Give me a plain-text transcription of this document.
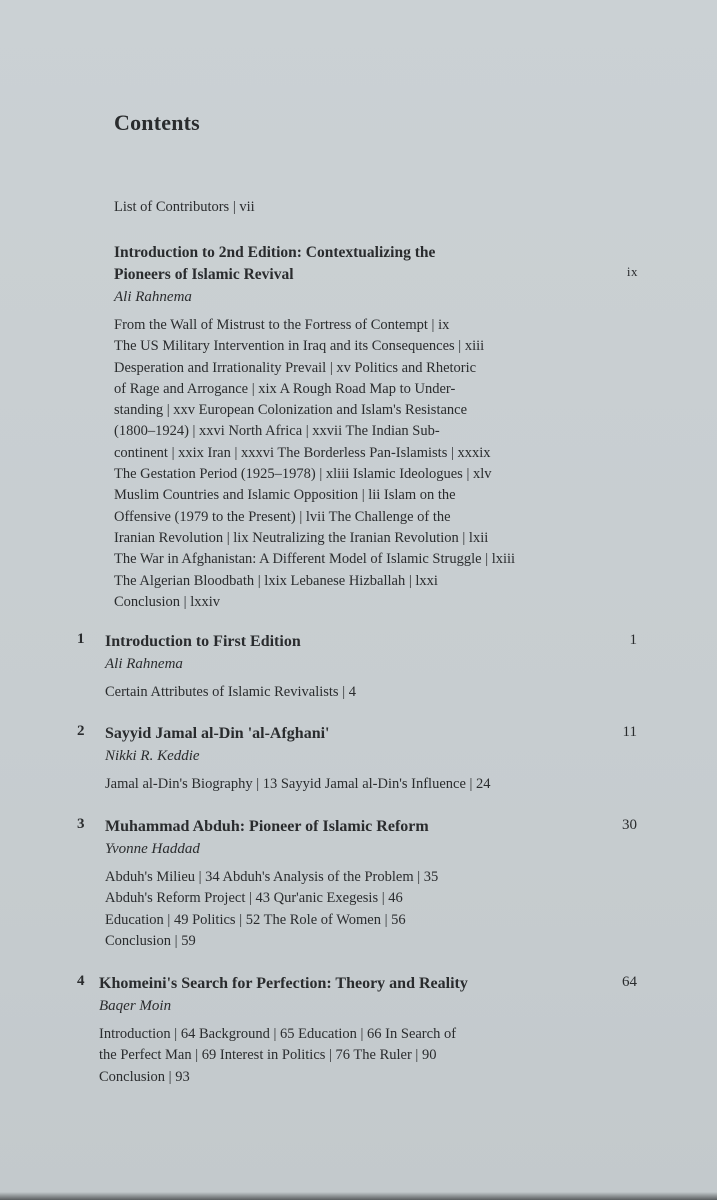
Contents
List of Contributors | vii
Introduction to 2nd Edition: Contextualizing the
Pioneers of Islamic Revival	ix
Ali Rahnema
From the Wall of Mistrust to the Fortress of Contempt | ix
The US Military Intervention in Iraq and its Consequences | xiii
Desperation and Irrationality Prevail | xv Politics and Rhetoric
of Rage and Arrogance | xix A Rough Road Map to Under-
standing | xxv European Colonization and Islam's Resistance
(1800–1924) | xxvi North Africa | xxvii The Indian Sub-
continent | xxix Iran | xxxvi The Borderless Pan-Islamists | xxxix
The Gestation Period (1925–1978) | xliii Islamic Ideologues | xlv
Muslim Countries and Islamic Opposition | lii Islam on the
Offensive (1979 to the Present) | lvii The Challenge of the
Iranian Revolution | lix Neutralizing the Iranian Revolution | lxii
The War in Afghanistan: A Different Model of Islamic Struggle | lxiii
The Algerian Bloodbath | lxix Lebanese Hizballah | lxxi
Conclusion | lxxiv
1 Introduction to First Edition
Ali Rahnema
Certain Attributes of Islamic Revivalists | 4
1
2 Sayyid Jamal al-Din 'al-Afghani'
Nikki R. Keddie
Jamal al-Din's Biography | 13 Sayyid Jamal al-Din's Influence | 24
11
3 Muhammad Abduh: Pioneer of Islamic Reform
Yvonne Haddad
Abduh's Milieu | 34 Abduh's Analysis of the Problem | 35
Abduh's Reform Project | 43 Qur'anic Exegesis | 46
Education | 49 Politics | 52 The Role of Women | 56
Conclusion | 59
30
4 Khomeini's Search for Perfection: Theory and Reality
Baqer Moin
Introduction | 64 Background | 65 Education | 66 In Search of
the Perfect Man | 69 Interest in Politics | 76 The Ruler | 90
Conclusion | 93
64
